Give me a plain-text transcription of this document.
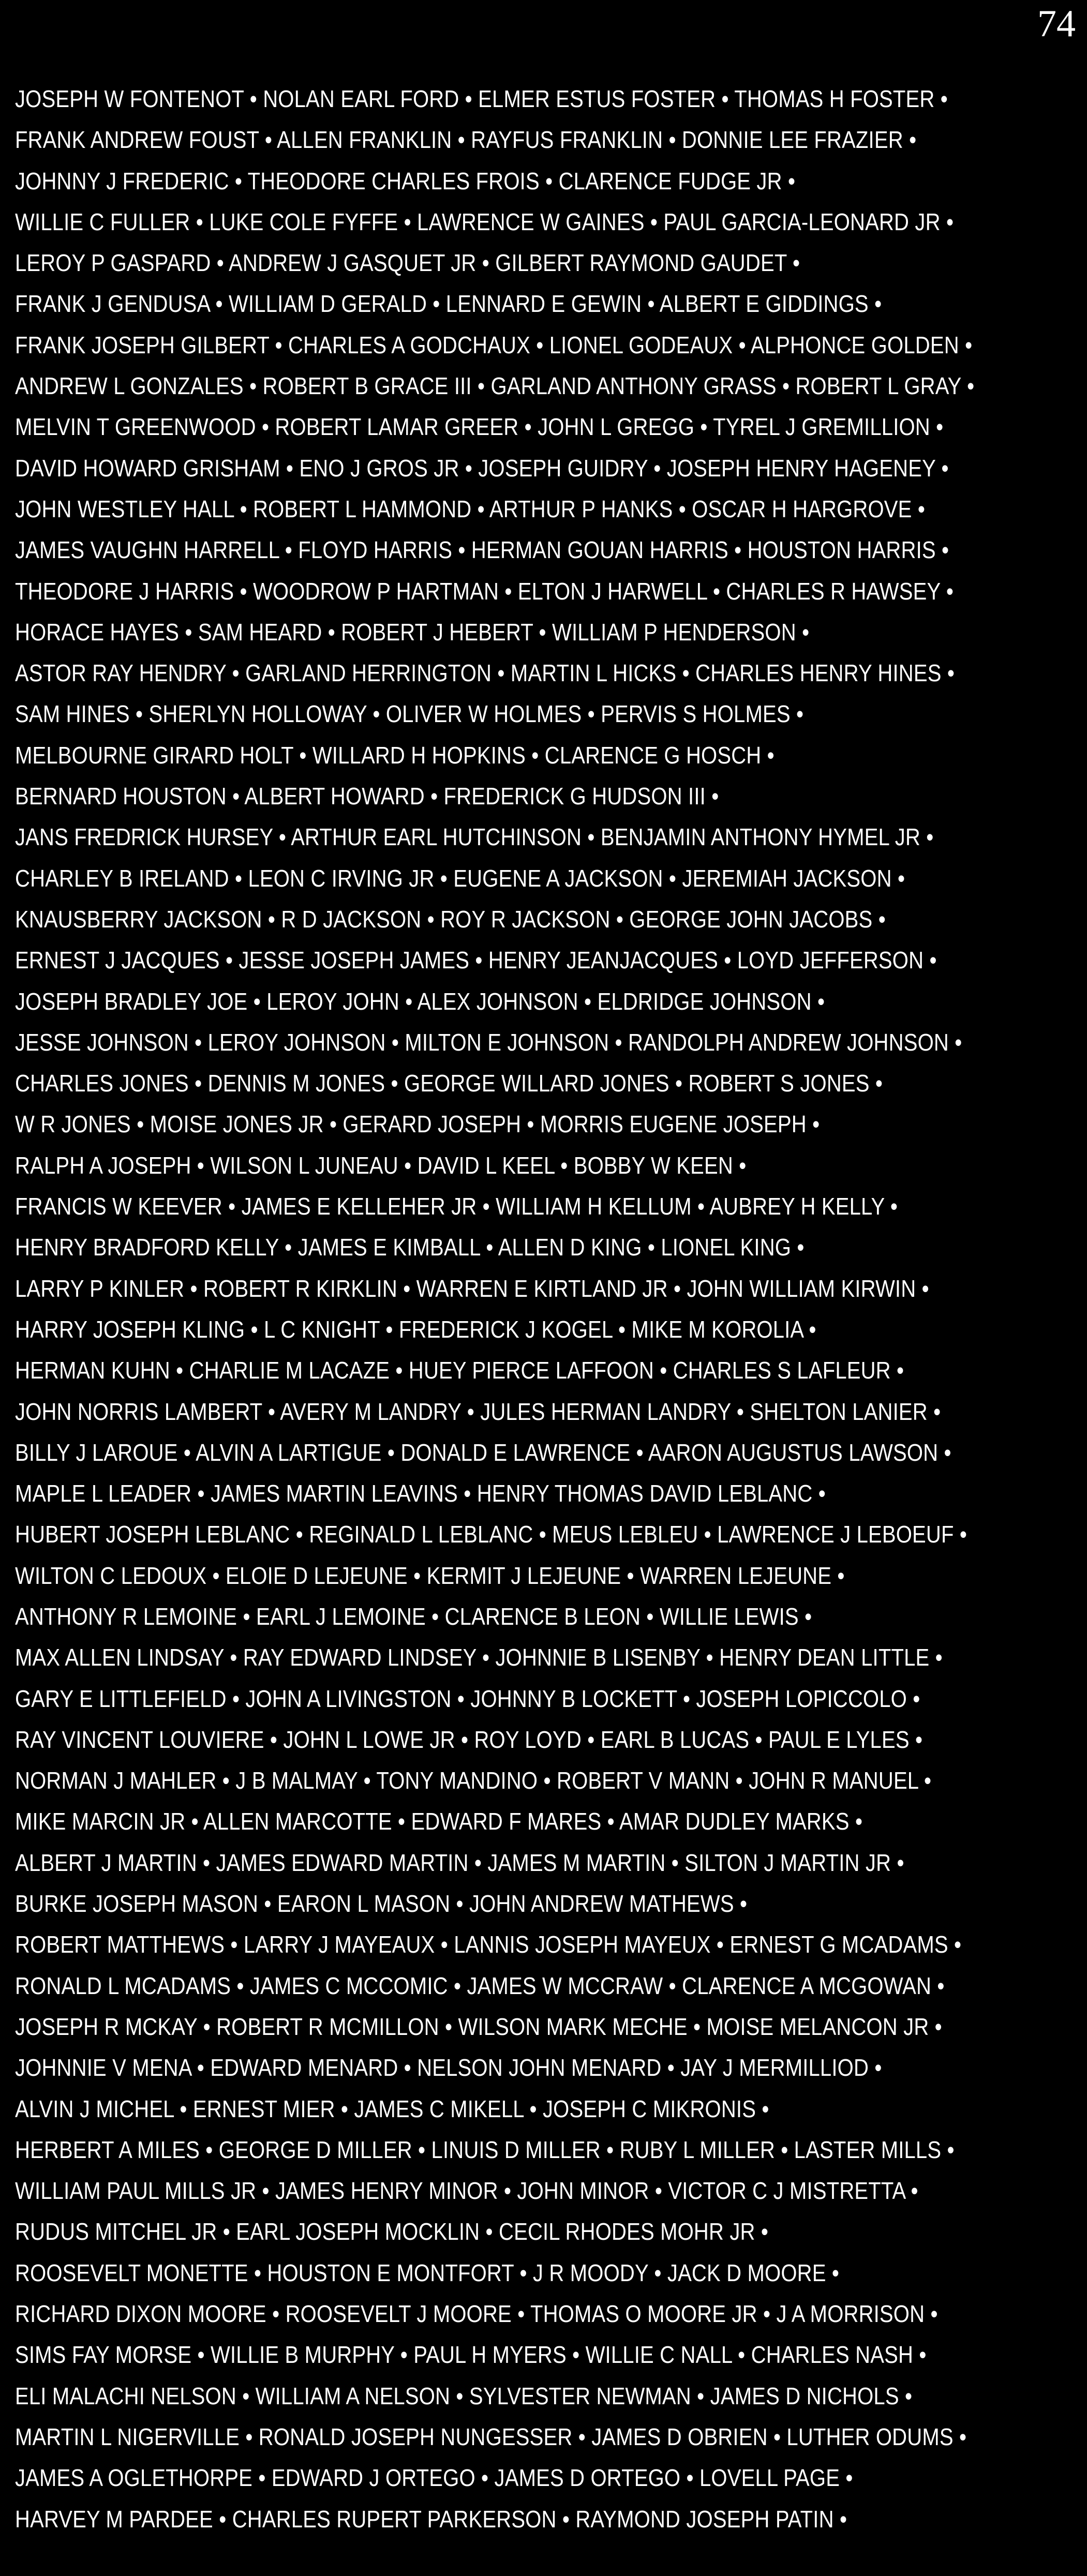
74
JOSEPH W FONTENOT • NOLAN EARL FORD • ELMER ESTUS FOSTER • THOMAS H FOSTER •
FRANK ANDREW FOUST • ALLEN FRANKLIN • RAYFUS FRANKLIN • DONNIE LEE FRAZIER •
JOHNNY J FREDERIC • THEODORE CHARLES FROIS • CLARENCE FUDGE JR •
WILLIE C FULLER • LUKE COLE FYFFE • LAWRENCE W GAINES • PAUL GARCIA-LEONARD JR •
LEROY P GASPARD • ANDREW J GASQUET JR • GILBERT RAYMOND GAUDET •
FRANK J GENDUSA • WILLIAM D GERALD • LENNARD E GEWIN • ALBERT E GIDDINGS •
FRANK JOSEPH GILBERT • CHARLES A GODCHAUX • LIONEL GODEAUX • ALPHONCE GOLDEN •
ANDREW L GONZALES • ROBERT B GRACE III • GARLAND ANTHONY GRASS • ROBERT L GRAY •
MELVIN T GREENWOOD • ROBERT LAMAR GREER • JOHN L GREGG • TYREL J GREMILLION •
DAVID HOWARD GRISHAM • ENO J GROS JR • JOSEPH GUIDRY • JOSEPH HENRY HAGENEY •
JOHN WESTLEY HALL • ROBERT L HAMMOND • ARTHUR P HANKS • OSCAR H HARGROVE •
JAMES VAUGHN HARRELL • FLOYD HARRIS • HERMAN GOUAN HARRIS • HOUSTON HARRIS •
THEODORE J HARRIS • WOODROW P HARTMAN • ELTON J HARWELL • CHARLES R HAWSEY •
HORACE HAYES • SAM HEARD • ROBERT J HEBERT • WILLIAM P HENDERSON •
ASTOR RAY HENDRY • GARLAND HERRINGTON • MARTIN L HICKS • CHARLES HENRY HINES •
SAM HINES • SHERLYN HOLLOWAY • OLIVER W HOLMES • PERVIS S HOLMES •
MELBOURNE GIRARD HOLT • WILLARD H HOPKINS • CLARENCE G HOSCH •
BERNARD HOUSTON • ALBERT HOWARD • FREDERICK G HUDSON III •
JANS FREDRICK HURSEY • ARTHUR EARL HUTCHINSON • BENJAMIN ANTHONY HYMEL JR •
CHARLEY B IRELAND • LEON C IRVING JR • EUGENE A JACKSON • JEREMIAH JACKSON •
KNAUSBERRY JACKSON • R D JACKSON • ROY R JACKSON • GEORGE JOHN JACOBS •
ERNEST J JACQUES • JESSE JOSEPH JAMES • HENRY JEANJACQUES • LOYD JEFFERSON •
JOSEPH BRADLEY JOE • LEROY JOHN • ALEX JOHNSON • ELDRIDGE JOHNSON •
JESSE JOHNSON • LEROY JOHNSON • MILTON E JOHNSON • RANDOLPH ANDREW JOHNSON •
CHARLES JONES • DENNIS M JONES • GEORGE WILLARD JONES • ROBERT S JONES •
W R JONES • MOISE JONES JR • GERARD JOSEPH • MORRIS EUGENE JOSEPH •
RALPH A JOSEPH • WILSON L JUNEAU • DAVID L KEEL • BOBBY W KEEN •
FRANCIS W KEEVER • JAMES E KELLEHER JR • WILLIAM H KELLUM • AUBREY H KELLY •
HENRY BRADFORD KELLY • JAMES E KIMBALL • ALLEN D KING • LIONEL KING •
LARRY P KINLER • ROBERT R KIRKLIN • WARREN E KIRTLAND JR • JOHN WILLIAM KIRWIN •
HARRY JOSEPH KLING • L C KNIGHT • FREDERICK J KOGEL • MIKE M KOROLIA •
HERMAN KUHN • CHARLIE M LACAZE • HUEY PIERCE LAFFOON • CHARLES S LAFLEUR •
JOHN NORRIS LAMBERT • AVERY M LANDRY • JULES HERMAN LANDRY • SHELTON LANIER •
BILLY J LAROUE • ALVIN A LARTIGUE • DONALD E LAWRENCE • AARON AUGUSTUS LAWSON •
MAPLE L LEADER • JAMES MARTIN LEAVINS • HENRY THOMAS DAVID LEBLANC •
HUBERT JOSEPH LEBLANC • REGINALD L LEBLANC • MEUS LEBLEU • LAWRENCE J LEBOEUF •
WILTON C LEDOUX • ELOIE D LEJEUNE • KERMIT J LEJEUNE • WARREN LEJEUNE •
ANTHONY R LEMOINE • EARL J LEMOINE • CLARENCE B LEON • WILLIE LEWIS •
MAX ALLEN LINDSAY • RAY EDWARD LINDSEY • JOHNNIE B LISENBY • HENRY DEAN LITTLE •
GARY E LITTLEFIELD • JOHN A LIVINGSTON • JOHNNY B LOCKETT • JOSEPH LOPICCOLO •
RAY VINCENT LOUVIERE • JOHN L LOWE JR • ROY LOYD • EARL B LUCAS • PAUL E LYLES •
NORMAN J MAHLER • J B MALMAY • TONY MANDINO • ROBERT V MANN • JOHN R MANUEL •
MIKE MARCIN JR • ALLEN MARCOTTE • EDWARD F MARES • AMAR DUDLEY MARKS •
ALBERT J MARTIN • JAMES EDWARD MARTIN • JAMES M MARTIN • SILTON J MARTIN JR •
BURKE JOSEPH MASON • EARON L MASON • JOHN ANDREW MATHEWS •
ROBERT MATTHEWS • LARRY J MAYEAUX • LANNIS JOSEPH MAYEUX • ERNEST G MCADAMS •
RONALD L MCADAMS • JAMES C MCCOMIC • JAMES W MCCRAW • CLARENCE A MCGOWAN •
JOSEPH R MCKAY • ROBERT R MCMILLON • WILSON MARK MECHE • MOISE MELANCON JR •
JOHNNIE V MENA • EDWARD MENARD • NELSON JOHN MENARD • JAY J MERMILLIOD •
ALVIN J MICHEL • ERNEST MIER • JAMES C MIKELL • JOSEPH C MIKRONIS •
HERBERT A MILES • GEORGE D MILLER • LINUIS D MILLER • RUBY L MILLER • LASTER MILLS •
WILLIAM PAUL MILLS JR • JAMES HENRY MINOR • JOHN MINOR • VICTOR C J MISTRETTA •
RUDUS MITCHEL JR • EARL JOSEPH MOCKLIN • CECIL RHODES MOHR JR •
ROOSEVELT MONETTE • HOUSTON E MONTFORT • J R MOODY • JACK D MOORE •
RICHARD DIXON MOORE • ROOSEVELT J MOORE • THOMAS O MOORE JR • J A MORRISON •
SIMS FAY MORSE • WILLIE B MURPHY • PAUL H MYERS • WILLIE C NALL • CHARLES NASH •
ELI MALACHI NELSON • WILLIAM A NELSON • SYLVESTER NEWMAN • JAMES D NICHOLS •
MARTIN L NIGERVILLE • RONALD JOSEPH NUNGESSER • JAMES D OBRIEN • LUTHER ODUMS •
JAMES A OGLETHORPE • EDWARD J ORTEGO • JAMES D ORTEGO • LOVELL PAGE •
HARVEY M PARDEE • CHARLES RUPERT PARKERSON • RAYMOND JOSEPH PATIN •
